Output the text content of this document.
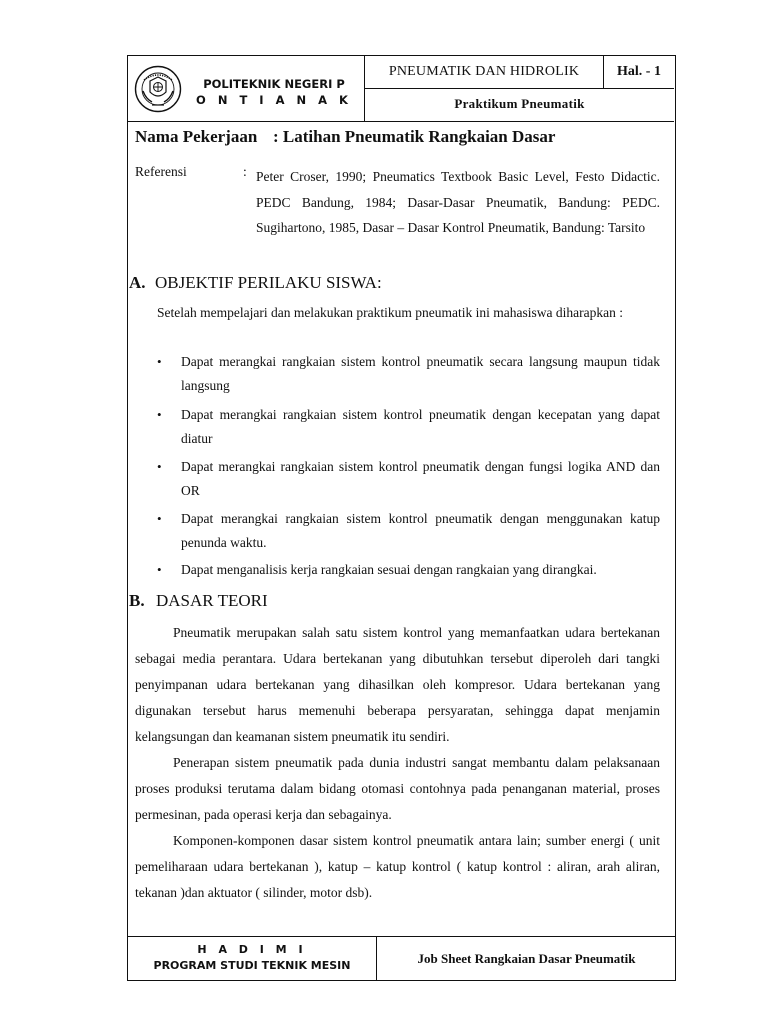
POLITEKNIK NEGERI P
O N T I A N A K
PNEUMATIK DAN HIDROLIK	Hal. - 1
Praktikum Pneumatik
Nama Pekerjaan : Latihan Pneumatik Rangkaian Dasar
Referensi	: Peter Croser, 1990; Pneumatics Textbook Basic Level, Festo Didactic. PEDC Bandung, 1984; Dasar-Dasar Pneumatik, Bandung: PEDC. Sugihartono, 1985, Dasar – Dasar Kontrol Pneumatik, Bandung: Tarsito
A. OBJEKTIF PERILAKU SISWA:
Setelah mempelajari dan melakukan praktikum pneumatik ini mahasiswa diharapkan :
•	Dapat merangkai rangkaian sistem kontrol pneumatik secara langsung maupun tidak langsung
•	Dapat merangkai rangkaian sistem kontrol pneumatik dengan kecepatan yang dapat diatur
•	Dapat merangkai rangkaian sistem kontrol pneumatik dengan fungsi logika AND dan OR
•	Dapat merangkai rangkaian sistem kontrol pneumatik dengan menggunakan katup penunda waktu.
•	Dapat menganalisis kerja rangkaian sesuai dengan rangkaian yang dirangkai.
B. DASAR TEORI

Pneumatik merupakan salah satu sistem kontrol yang memanfaatkan udara bertekanan sebagai media perantara. Udara bertekanan yang dibutuhkan tersebut diperoleh dari tangki penyimpanan udara bertekanan yang dihasilkan oleh kompresor. Udara bertekanan yang digunakan tersebut harus memenuhi beberapa persyaratan, sehingga dapat menjamin kelangsungan dan keamanan sistem pneumatik itu sendiri.

Penerapan sistem pneumatik pada dunia industri sangat membantu dalam pelaksanaan proses produksi terutama dalam bidang otomasi contohnya pada penanganan material, proses permesinan, pada operasi kerja dan sebagainya.

Komponen-komponen dasar sistem kontrol pneumatik antara lain; sumber energi ( unit pemeliharaan udara bertekanan ), katup – katup kontrol ( katup kontrol : aliran, arah aliran, tekanan )dan aktuator ( silinder, motor dsb).

H A D I M I
PROGRAM STUDI TEKNIK MESIN	Job Sheet Rangkaian Dasar Pneumatik
